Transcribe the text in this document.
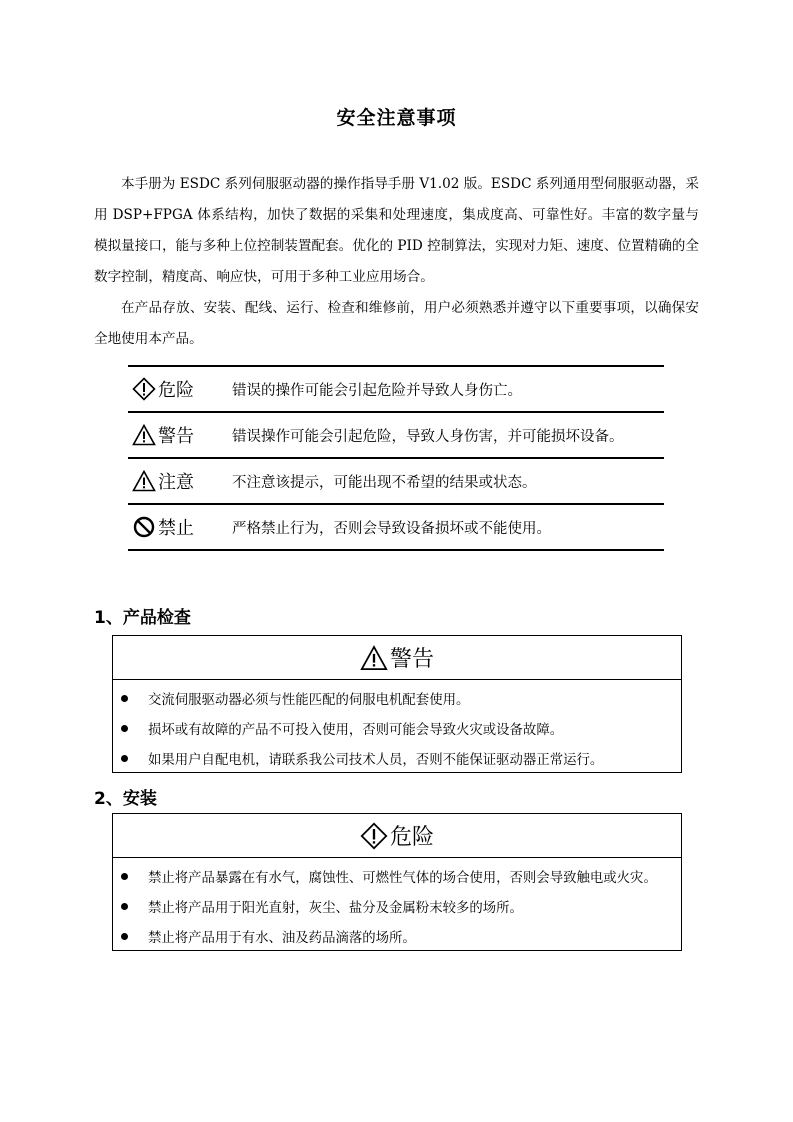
安全注意事项

本手册为 ESDC 系列伺服驱动器的操作指导手册 V1.02 版。ESDC 系列通用型伺服驱动器，采用 DSP+FPGA 体系结构，加快了数据的采集和处理速度，集成度高、可靠性好。丰富的数字量与模拟量接口，能与多种上位控制装置配套。优化的 PID 控制算法，实现对力矩、速度、位置精确的全数字控制，精度高、响应快，可用于多种工业应用场合。

在产品存放、安装、配线、运行、检查和维修前，用户必须熟悉并遵守以下重要事项，以确保安全地使用本产品。

危险	错误的操作可能会引起危险并导致人身伤亡。
警告	错误操作可能会引起危险，导致人身伤害，并可能损坏设备。
注意	不注意该提示，可能出现不希望的结果或状态。
禁止	严格禁止行为，否则会导致设备损坏或不能使用。
1、产品检查
警告
交流伺服驱动器必须与性能匹配的伺服电机配套使用。
损坏或有故障的产品不可投入使用，否则可能会导致火灾或设备故障。
如果用户自配电机，请联系我公司技术人员，否则不能保证驱动器正常运行。
2、安装
危险
禁止将产品暴露在有水气，腐蚀性、可燃性气体的场合使用，否则会导致触电或火灾。
禁止将产品用于阳光直射，灰尘、盐分及金属粉末较多的场所。
禁止将产品用于有水、油及药品滴落的场所。
